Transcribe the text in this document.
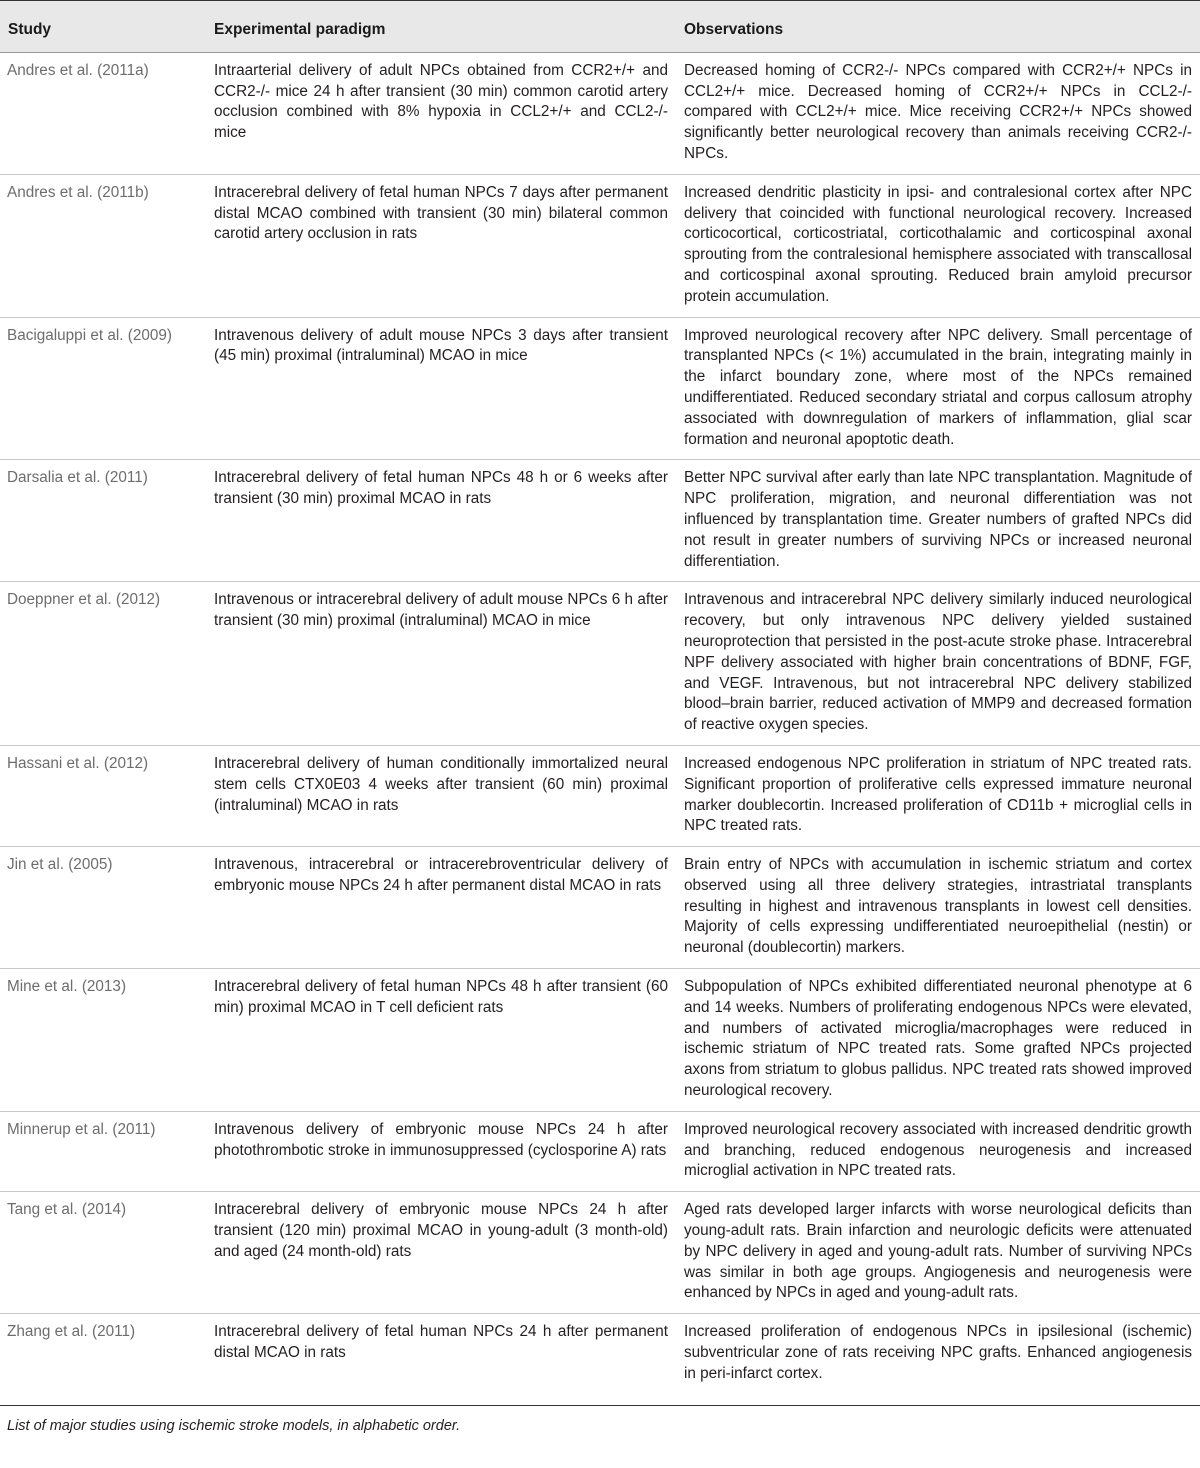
Study	Experimental paradigm	Observations
Andres et al. (2011a)	Intraarterial delivery of adult NPCs obtained from CCR2+/+ and CCR2-/- mice 24 h after transient (30 min) common carotid artery occlusion combined with 8% hypoxia in CCL2+/+ and CCL2-/- mice	Decreased homing of CCR2-/- NPCs compared with CCR2+/+ NPCs in CCL2+/+ mice. Decreased homing of CCR2+/+ NPCs in CCL2-/- compared with CCL2+/+ mice. Mice receiving CCR2+/+ NPCs showed significantly better neurological recovery than animals receiving CCR2-/- NPCs.
Andres et al. (2011b)	Intracerebral delivery of fetal human NPCs 7 days after permanent distal MCAO combined with transient (30 min) bilateral common carotid artery occlusion in rats	Increased dendritic plasticity in ipsi- and contralesional cortex after NPC delivery that coincided with functional neurological recovery. Increased corticocortical, corticostriatal, corticothalamic and corticospinal axonal sprouting from the contralesional hemisphere associated with transcallosal and corticospinal axonal sprouting. Reduced brain amyloid precursor protein accumulation.
Bacigaluppi et al. (2009)	Intravenous delivery of adult mouse NPCs 3 days after transient (45 min) proximal (intraluminal) MCAO in mice	Improved neurological recovery after NPC delivery. Small percentage of transplanted NPCs (< 1%) accumulated in the brain, integrating mainly in the infarct boundary zone, where most of the NPCs remained undifferentiated. Reduced secondary striatal and corpus callosum atrophy associated with downregulation of markers of inflammation, glial scar formation and neuronal apoptotic death.
Darsalia et al. (2011)	Intracerebral delivery of fetal human NPCs 48 h or 6 weeks after transient (30 min) proximal MCAO in rats	Better NPC survival after early than late NPC transplantation. Magnitude of NPC proliferation, migration, and neuronal differentiation was not influenced by transplantation time. Greater numbers of grafted NPCs did not result in greater numbers of surviving NPCs or increased neuronal differentiation.
Doeppner et al. (2012)	Intravenous or intracerebral delivery of adult mouse NPCs 6 h after transient (30 min) proximal (intraluminal) MCAO in mice	Intravenous and intracerebral NPC delivery similarly induced neurological recovery, but only intravenous NPC delivery yielded sustained neuroprotection that persisted in the post-acute stroke phase. Intracerebral NPF delivery associated with higher brain concentrations of BDNF, FGF, and VEGF. Intravenous, but not intracerebral NPC delivery stabilized blood–brain barrier, reduced activation of MMP9 and decreased formation of reactive oxygen species.
Hassani et al. (2012)	Intracerebral delivery of human conditionally immortalized neural stem cells CTX0E03 4 weeks after transient (60 min) proximal (intraluminal) MCAO in rats	Increased endogenous NPC proliferation in striatum of NPC treated rats. Significant proportion of proliferative cells expressed immature neuronal marker doublecortin. Increased proliferation of CD11b + microglial cells in NPC treated rats.
Jin et al. (2005)	Intravenous, intracerebral or intracerebroventricular delivery of embryonic mouse NPCs 24 h after permanent distal MCAO in rats	Brain entry of NPCs with accumulation in ischemic striatum and cortex observed using all three delivery strategies, intrastriatal transplants resulting in highest and intravenous transplants in lowest cell densities. Majority of cells expressing undifferentiated neuroepithelial (nestin) or neuronal (doublecortin) markers.
Mine et al. (2013)	Intracerebral delivery of fetal human NPCs 48 h after transient (60 min) proximal MCAO in T cell deficient rats	Subpopulation of NPCs exhibited differentiated neuronal phenotype at 6 and 14 weeks. Numbers of proliferating endogenous NPCs were elevated, and numbers of activated microglia/macrophages were reduced in ischemic striatum of NPC treated rats. Some grafted NPCs projected axons from striatum to globus pallidus. NPC treated rats showed improved neurological recovery.
Minnerup et al. (2011)	Intravenous delivery of embryonic mouse NPCs 24 h after photothrombotic stroke in immunosuppressed (cyclosporine A) rats	Improved neurological recovery associated with increased dendritic growth and branching, reduced endogenous neurogenesis and increased microglial activation in NPC treated rats.
Tang et al. (2014)	Intracerebral delivery of embryonic mouse NPCs 24 h after transient (120 min) proximal MCAO in young-adult (3 month-old) and aged (24 month-old) rats	Aged rats developed larger infarcts with worse neurological deficits than young-adult rats. Brain infarction and neurologic deficits were attenuated by NPC delivery in aged and young-adult rats. Number of surviving NPCs was similar in both age groups. Angiogenesis and neurogenesis were enhanced by NPCs in aged and young-adult rats.
Zhang et al. (2011)	Intracerebral delivery of fetal human NPCs 24 h after permanent distal MCAO in rats	Increased proliferation of endogenous NPCs in ipsilesional (ischemic) subventricular zone of rats receiving NPC grafts. Enhanced angiogenesis in peri-infarct cortex.
List of major studies using ischemic stroke models, in alphabetic order.
